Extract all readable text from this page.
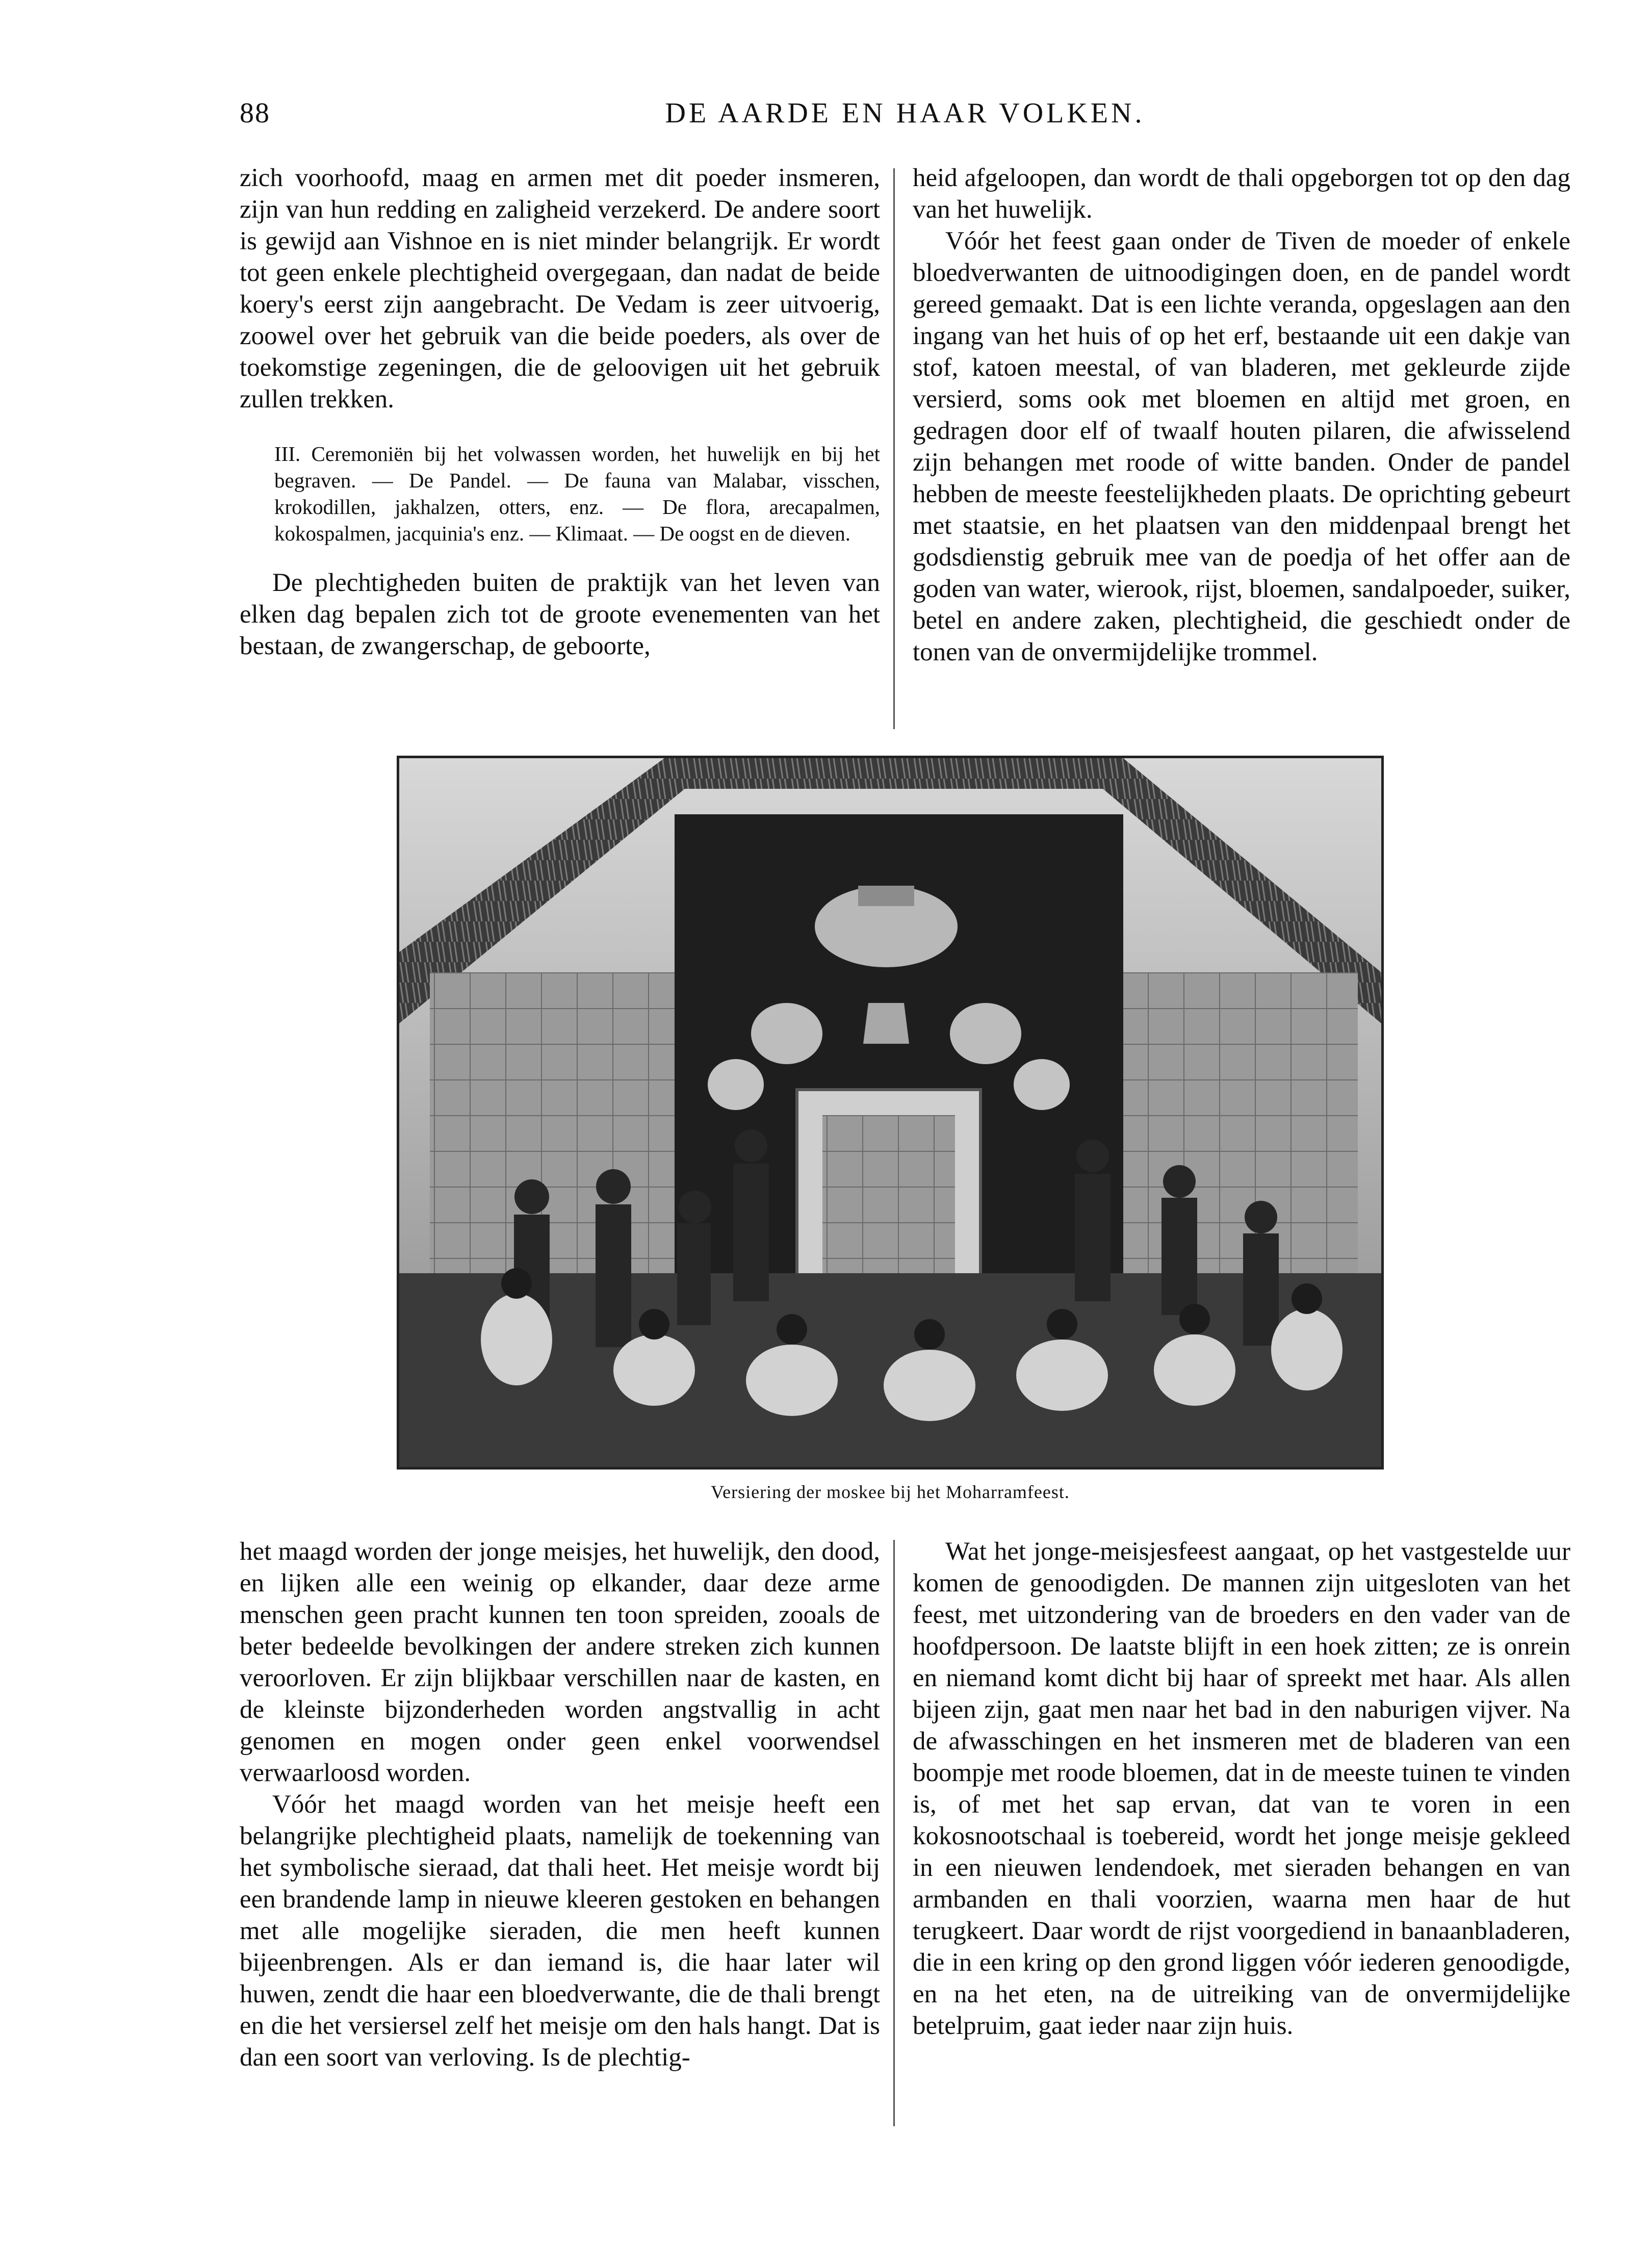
88	DE AARDE EN HAAR VOLKEN.

zich voorhoofd, maag en armen met dit poeder insmeren, zijn van hun redding en zaligheid verzekerd. De andere soort is gewijd aan Vishnoe en is niet minder belangrijk. Er wordt tot geen enkele plechtigheid overgegaan, dan nadat de beide koery's eerst zijn aangebracht. De Vedam is zeer uitvoerig, zoowel over het gebruik van die beide poeders, als over de toekomstige zegeningen, die de geloovigen uit het gebruik zullen trekken.

III. Ceremoniën bij het volwassen worden, het huwelijk en bij het begraven. — De Pandel. — De fauna van Malabar, visschen, krokodillen, jakhalzen, otters, enz. — De flora, arecapalmen, kokospalmen, jacquinia's enz. — Klimaat. — De oogst en de dieven.

De plechtigheden buiten de praktijk van het leven van elken dag bepalen zich tot de groote evenementen van het bestaan, de zwangerschap, de geboorte,

heid afgeloopen, dan wordt de thali opgeborgen tot op den dag van het huwelijk.

Vóór het feest gaan onder de Tiven de moeder of enkele bloedverwanten de uitnoodigingen doen, en de pandel wordt gereed gemaakt. Dat is een lichte veranda, opgeslagen aan den ingang van het huis of op het erf, bestaande uit een dakje van stof, katoen meestal, of van bladeren, met gekleurde zijde versierd, soms ook met bloemen en altijd met groen, en gedragen door elf of twaalf houten pilaren, die afwisselend zijn behangen met roode of witte banden. Onder de pandel hebben de meeste feestelijkheden plaats. De oprichting gebeurt met staatsie, en het plaatsen van den middenpaal brengt het godsdienstig gebruik mee van de poedja of het offer aan de goden van water, wierook, rijst, bloemen, sandalpoeder, suiker, betel en andere zaken, plechtigheid, die geschiedt onder de tonen van de onvermijdelijke trommel.

Versiering der moskee bij het Moharramfeest.

het maagd worden der jonge meisjes, het huwelijk, den dood, en lijken alle een weinig op elkander, daar deze arme menschen geen pracht kunnen ten toon spreiden, zooals de beter bedeelde bevolkingen der andere streken zich kunnen veroorloven. Er zijn blijkbaar verschillen naar de kasten, en de kleinste bijzonderheden worden angstvallig in acht genomen en mogen onder geen enkel voorwendsel verwaarloosd worden.

Vóór het maagd worden van het meisje heeft een belangrijke plechtigheid plaats, namelijk de toekenning van het symbolische sieraad, dat thali heet. Het meisje wordt bij een brandende lamp in nieuwe kleeren gestoken en behangen met alle mogelijke sieraden, die men heeft kunnen bijeenbrengen. Als er dan iemand is, die haar later wil huwen, zendt die haar een bloedverwante, die de thali brengt en die het versiersel zelf het meisje om den hals hangt. Dat is dan een soort van verloving. Is de plechtig-

Wat het jonge-meisjesfeest aangaat, op het vastgestelde uur komen de genoodigden. De mannen zijn uitgesloten van het feest, met uitzondering van de broeders en den vader van de hoofdpersoon. De laatste blijft in een hoek zitten; ze is onrein en niemand komt dicht bij haar of spreekt met haar. Als allen bijeen zijn, gaat men naar het bad in den naburigen vijver. Na de afwasschingen en het insmeren met de bladeren van een boompje met roode bloemen, dat in de meeste tuinen te vinden is, of met het sap ervan, dat van te voren in een kokosnootschaal is toebereid, wordt het jonge meisje gekleed in een nieuwen lendendoek, met sieraden behangen en van armbanden en thali voorzien, waarna men haar de hut terugkeert. Daar wordt de rijst voorgediend in banaanbladeren, die in een kring op den grond liggen vóór iederen genoodigde, en na het eten, na de uitreiking van de onvermijdelijke betelpruim, gaat ieder naar zijn huis.
